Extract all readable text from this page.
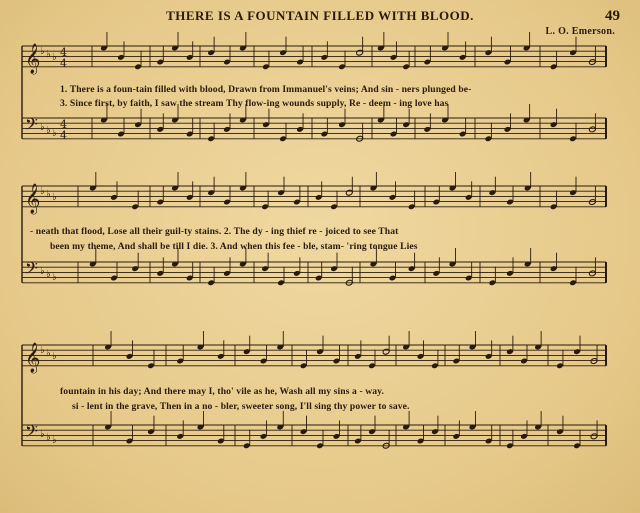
THERE IS A FOUNTAIN FILLED WITH BLOOD.	49
L. O. Emerson.
𝄞
𝄢
♭
♭
♭
♭
♭
♭
4
4
4
4
𝄞
𝄢
♭
♭
♭
♭
♭
♭
𝄞
𝄢
♭
♭
♭
♭
♭
♭
1. There is a foun-tain filled with blood, Drawn from Immanuel's veins; And sin - ners plunged be-
3. Since first, by faith, I saw the stream Thy flow-ing wounds supply, Re - deem - ing love has
- neath that flood, Lose all their guil-ty stains. 2. The dy - ing thief re - joiced to see That
been my theme, And shall be till I die. 3. And when this fee - ble, stam- 'ring tongue Lies
fountain in his day; And there may I, tho' vile as he, Wash all my sins a - way.
si - lent in the grave, Then in a no - bler, sweeter song, I'll sing thy power to save.
